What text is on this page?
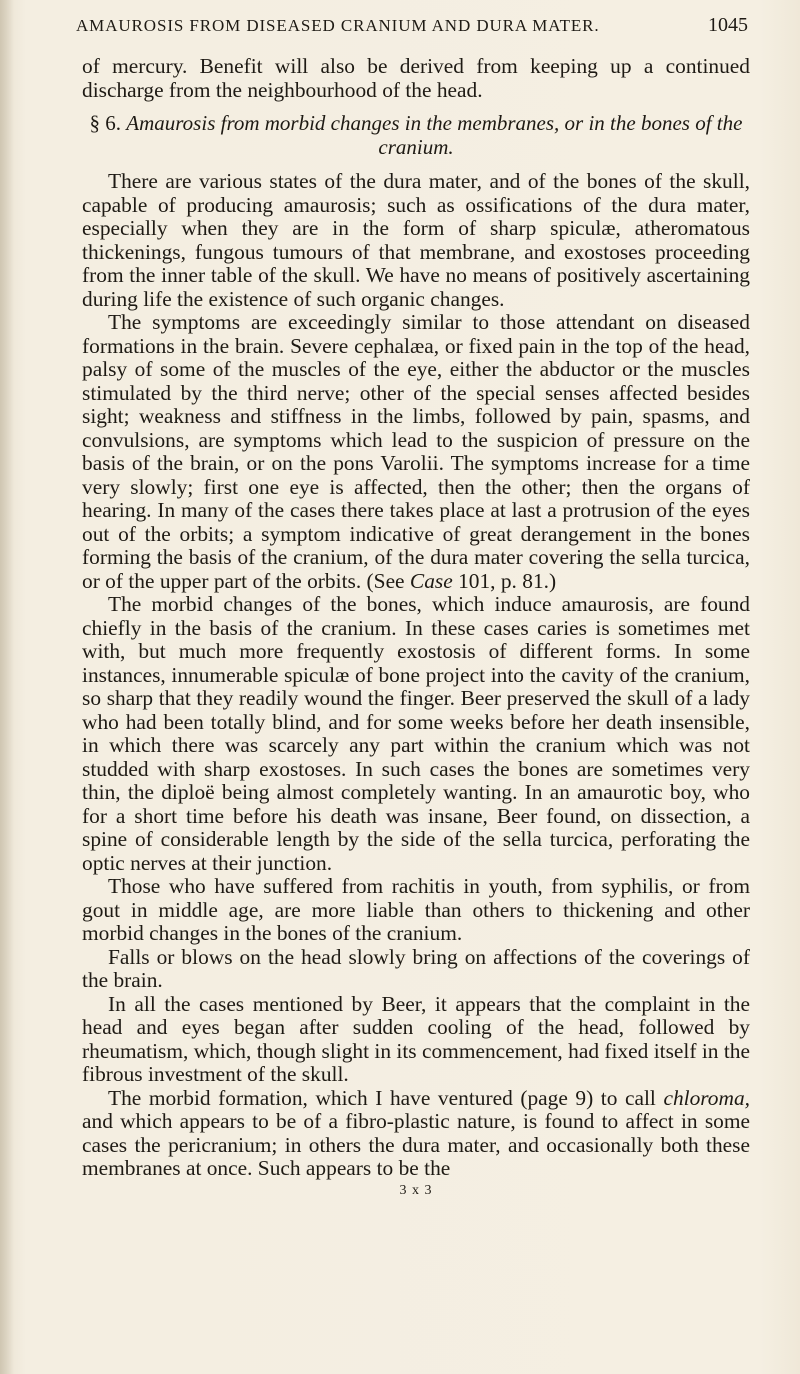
AMAUROSIS FROM DISEASED CRANIUM AND DURA MATER.	1045

of mercury. Benefit will also be derived from keeping up a continued discharge from the neighbourhood of the head.

§ 6. Amaurosis from morbid changes in the membranes, or in the bones of the cranium.

There are various states of the dura mater, and of the bones of the skull, capable of producing amaurosis; such as ossifications of the dura mater, especially when they are in the form of sharp spiculæ, atheromatous thickenings, fungous tumours of that membrane, and exostoses proceeding from the inner table of the skull. We have no means of positively ascertaining during life the existence of such organic changes.

The symptoms are exceedingly similar to those attendant on diseased formations in the brain. Severe cephalæa, or fixed pain in the top of the head, palsy of some of the muscles of the eye, either the abductor or the muscles stimulated by the third nerve; other of the special senses affected besides sight; weakness and stiffness in the limbs, followed by pain, spasms, and convulsions, are symptoms which lead to the suspicion of pressure on the basis of the brain, or on the pons Varolii. The symptoms increase for a time very slowly; first one eye is affected, then the other; then the organs of hearing. In many of the cases there takes place at last a protrusion of the eyes out of the orbits; a symptom indicative of great derangement in the bones forming the basis of the cranium, of the dura mater covering the sella turcica, or of the upper part of the orbits. (See Case 101, p. 81.)

The morbid changes of the bones, which induce amaurosis, are found chiefly in the basis of the cranium. In these cases caries is sometimes met with, but much more frequently exostosis of different forms. In some instances, innumerable spiculæ of bone project into the cavity of the cranium, so sharp that they readily wound the finger. Beer preserved the skull of a lady who had been totally blind, and for some weeks before her death insensible, in which there was scarcely any part within the cranium which was not studded with sharp exostoses. In such cases the bones are sometimes very thin, the diploë being almost completely wanting. In an amaurotic boy, who for a short time before his death was insane, Beer found, on dissection, a spine of considerable length by the side of the sella turcica, perforating the optic nerves at their junction.

Those who have suffered from rachitis in youth, from syphilis, or from gout in middle age, are more liable than others to thickening and other morbid changes in the bones of the cranium.

Falls or blows on the head slowly bring on affections of the coverings of the brain.

In all the cases mentioned by Beer, it appears that the complaint in the head and eyes began after sudden cooling of the head, followed by rheumatism, which, though slight in its commencement, had fixed itself in the fibrous investment of the skull.

The morbid formation, which I have ventured (page 9) to call chloroma, and which appears to be of a fibro-plastic nature, is found to affect in some cases the pericranium; in others the dura mater, and occasionally both these membranes at once. Such appears to be the

3 x 3
